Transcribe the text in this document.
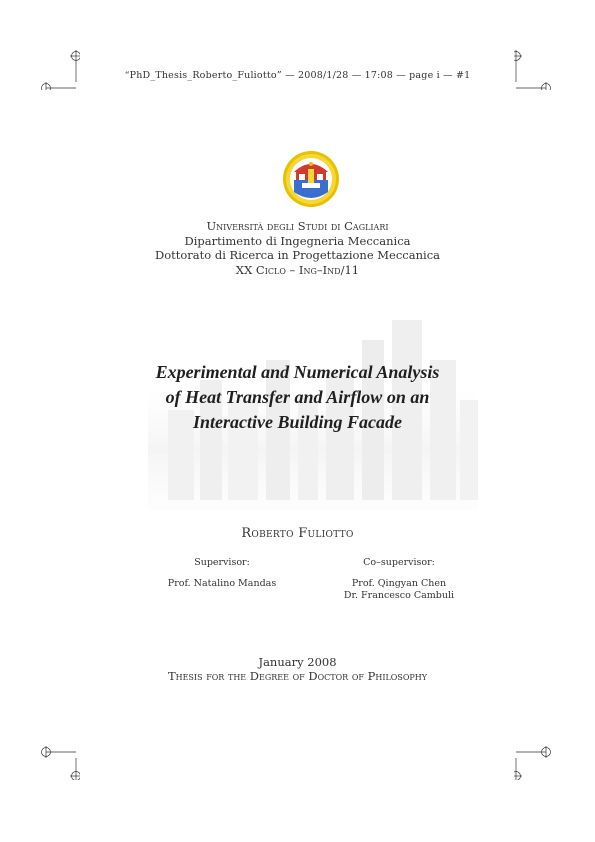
“PhD_Thesis_Roberto_Fuliotto” — 2008/1/28 — 17:08 — page i — #1
Università degli Studi di Cagliari
Dipartimento di Ingegneria Meccanica
Dottorato di Ricerca in Progettazione Meccanica
XX Ciclo – Ing–Ind/11
Experimental and Numerical Analysis
of Heat Transfer and Airflow on an
Interactive Building Facade
Roberto Fuliotto
Supervisor:
Prof. Natalino Mandas
Co–supervisor:
Prof. Qingyan Chen
Dr. Francesco Cambuli
January 2008
Thesis for the Degree of Doctor of Philosophy
